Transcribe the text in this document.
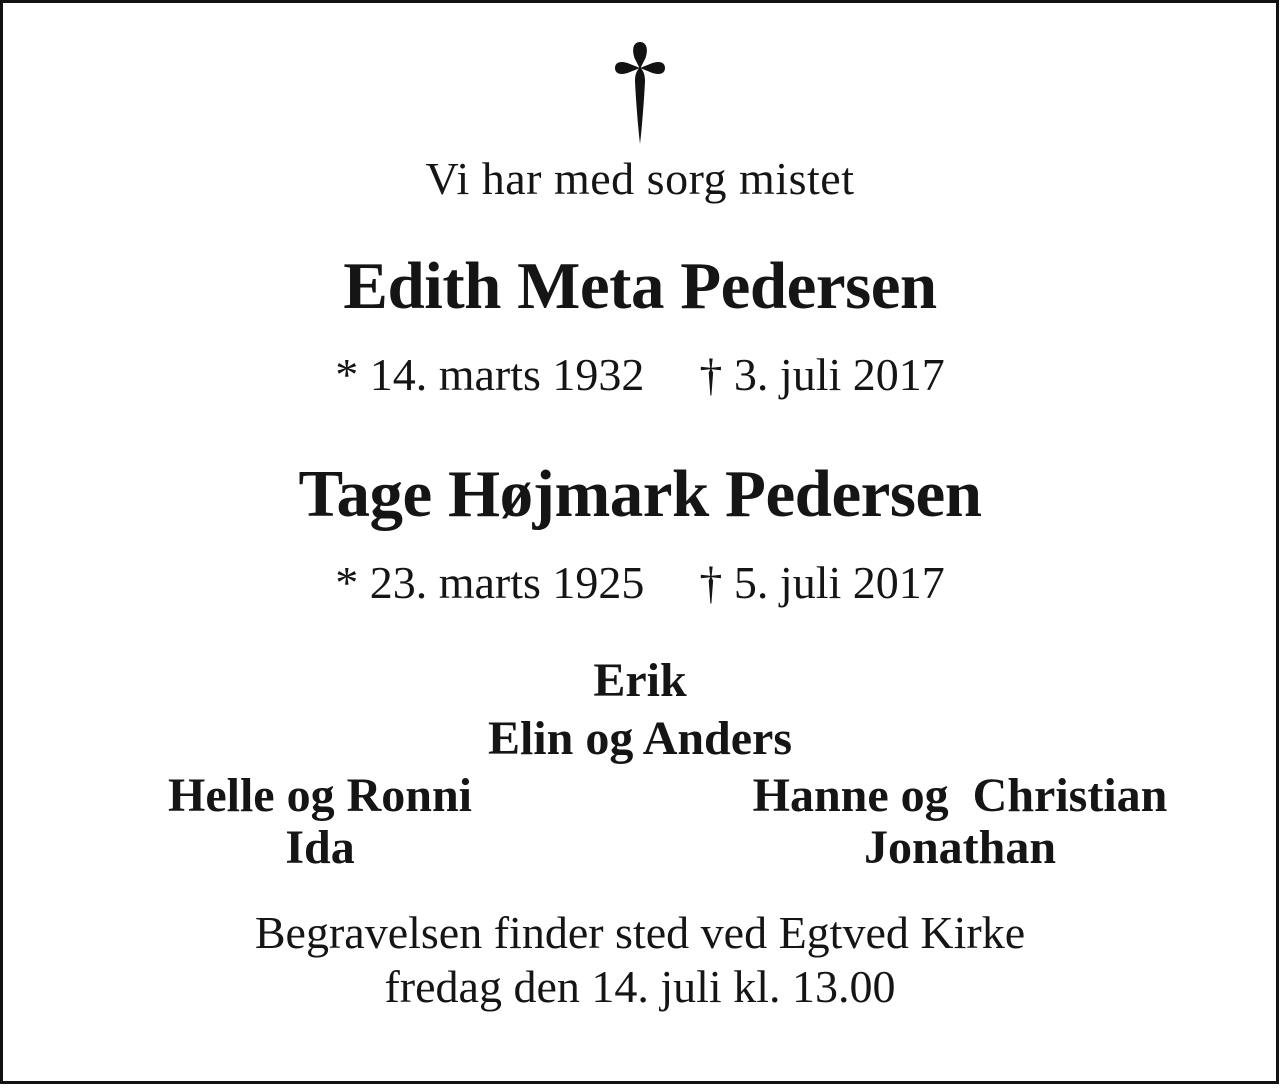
Vi har med sorg mistet
Edith Meta Pedersen
* 14. marts 1932 † 3. juli 2017
Tage Højmark Pedersen
* 23. marts 1925 † 5. juli 2017
Erik
Elin og Anders
Helle og Ronni	Hanne og  Christian
Ida	Jonathan
Begravelsen finder sted ved Egtved Kirke
fredag den 14. juli kl. 13.00
